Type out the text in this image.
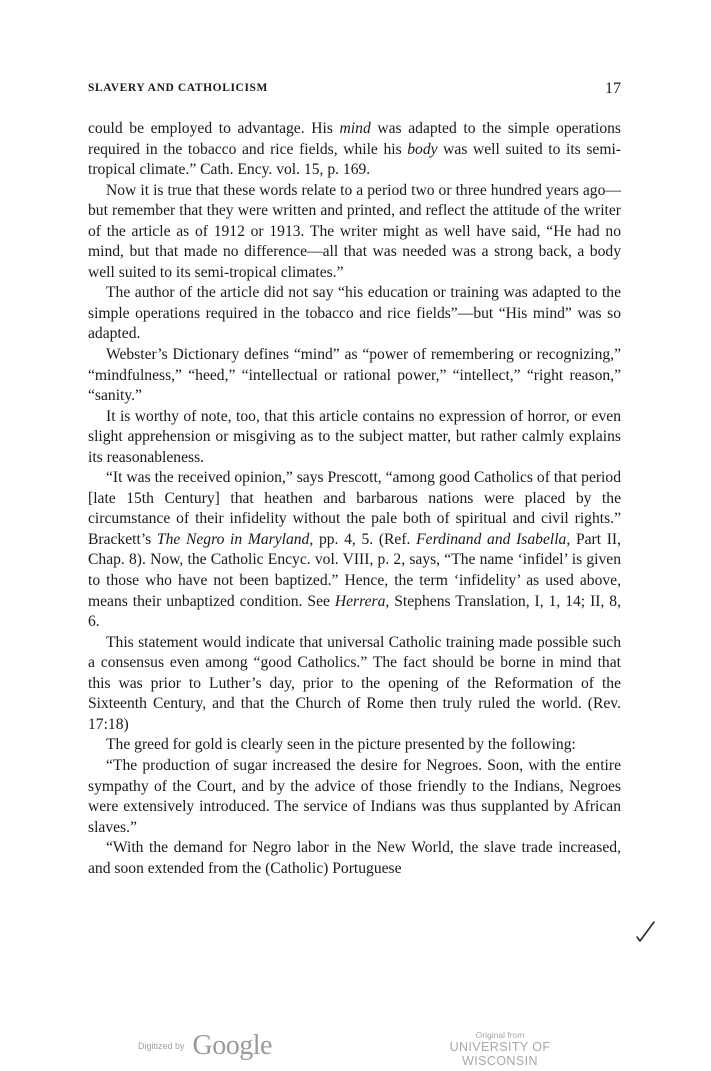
SLAVERY AND CATHOLICISM	17

could be employed to advantage. His mind was adapted to the simple operations required in the tobacco and rice fields, while his body was well suited to its semi-tropical climate.” Cath. Ency. vol. 15, p. 169.

Now it is true that these words relate to a period two or three hundred years ago—but remember that they were written and printed, and reflect the attitude of the writer of the article as of 1912 or 1913. The writer might as well have said, “He had no mind, but that made no difference—all that was needed was a strong back, a body well suited to its semi-tropical climates.”

The author of the article did not say “his education or training was adapted to the simple operations required in the tobacco and rice fields”—but “His mind” was so adapted.

Webster’s Dictionary defines “mind” as “power of remembering or recognizing,” “mindfulness,” “heed,” “intellectual or rational power,” “intellect,” “right reason,” “sanity.”

It is worthy of note, too, that this article contains no expression of horror, or even slight apprehension or misgiving as to the subject matter, but rather calmly explains its reasonableness.

“It was the received opinion,” says Prescott, “among good Catholics of that period [late 15th Century] that heathen and barbarous nations were placed by the circumstance of their infidelity without the pale both of spiritual and civil rights.” Brackett’s The Negro in Maryland, pp. 4, 5. (Ref. Ferdinand and Isabella, Part II, Chap. 8). Now, the Catholic Encyc. vol. VIII, p. 2, says, “The name ‘infidel’ is given to those who have not been baptized.” Hence, the term ‘infidelity’ as used above, means their unbaptized condition. See Herrera, Stephens Translation, I, 1, 14; II, 8, 6.

This statement would indicate that universal Catholic training made possible such a consensus even among “good Catholics.” The fact should be borne in mind that this was prior to Luther’s day, prior to the opening of the Reformation of the Sixteenth Century, and that the Church of Rome then truly ruled the world. (Rev. 17:18)

The greed for gold is clearly seen in the picture presented by the following:

“The production of sugar increased the desire for Negroes. Soon, with the entire sympathy of the Court, and by the advice of those friendly to the Indians, Negroes were extensively introduced. The service of Indians was thus supplanted by African slaves.”

“With the demand for Negro labor in the New World, the slave trade increased, and soon extended from the (Catholic) Portuguese

Digitized by Google	Original from
UNIVERSITY OF WISCONSIN
